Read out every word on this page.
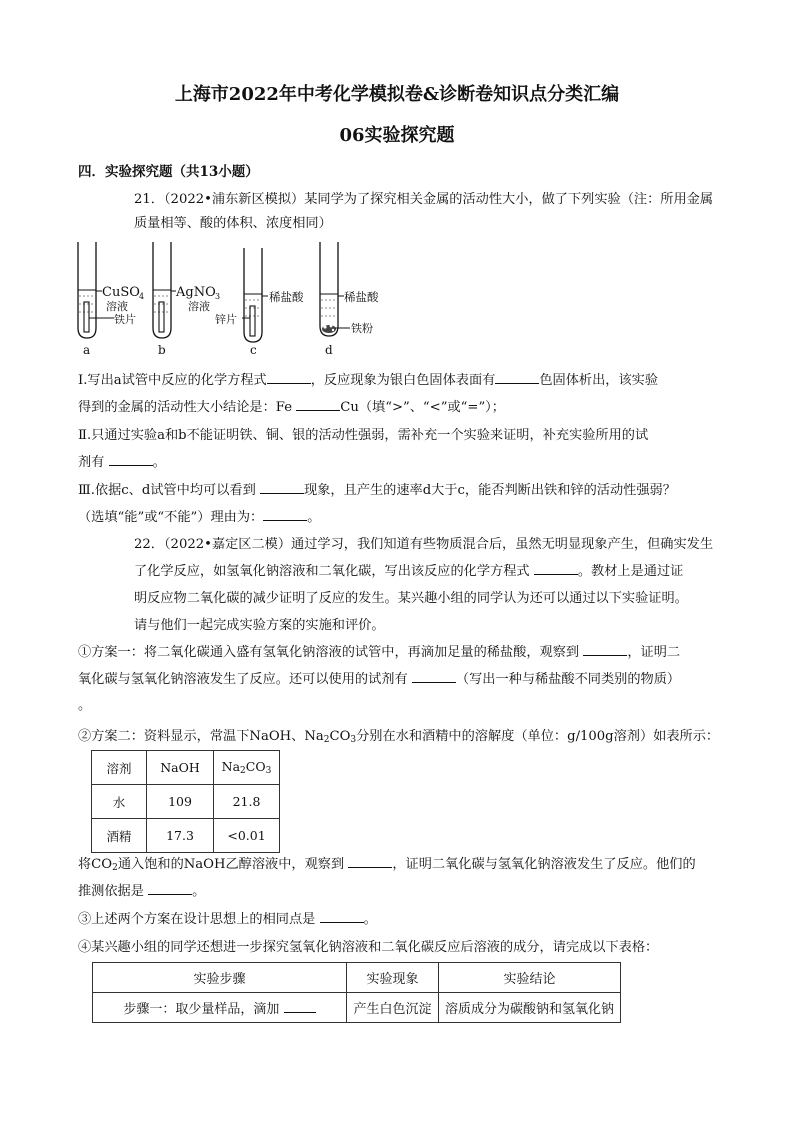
上海市2022年中考化学模拟卷&诊断卷知识点分类汇编
06实验探究题
四．实验探究题（共13小题）
21．（2022•浦东新区模拟）某同学为了探究相关金属的活动性大小，做了下列实验（注：所用金属
质量相等、酸的体积、浓度相同）
CuSO 4
溶液
铁片
a
AgNO 3
溶液
b
稀盐酸
锌片
c
稀盐酸
铁粉
d
Ⅰ.写出a试管中反应的化学方程式	，反应现象为银白色固体表面有	色固体析出，该实验
得到的金属的活动性大小结论是：Fe	Cu（填“>”、“<”或“=”）；
Ⅱ.只通过实验a和b不能证明铁、铜、银的活动性强弱，需补充一个实验来证明，补充实验所用的试
剂有	。
Ⅲ.依据c、d试管中均可以看到	现象，且产生的速率d大于c，能否判断出铁和锌的活动性强弱？
（选填“能”或“不能”）理由为：	。
22．（2022•嘉定区二模）通过学习，我们知道有些物质混合后，虽然无明显现象产生，但确实发生
了化学反应，如氢氧化钠溶液和二氧化碳，写出该反应的化学方程式	。教材上是通过证
明反应物二氧化碳的减少证明了反应的发生。某兴趣小组的同学认为还可以通过以下实验证明。
请与他们一起完成实验方案的实施和评价。
①方案一：将二氧化碳通入盛有氢氧化钠溶液的试管中，再滴加足量的稀盐酸，观察到	，证明二
氧化碳与氢氧化钠溶液发生了反应。还可以使用的试剂有	（写出一种与稀盐酸不同类别的物质）
。
②方案二：资料显示，常温下NaOH、$Na_2CO_3$分别在水和酒精中的溶解度（单位：g/100g溶剂）如表所示：
溶剂	NaOH	$Na_2CO_3$
水	109	21.8
酒精	17.3	<0.01
将$CO_2$通入饱和的NaOH乙醇溶液中，观察到	，证明二氧化碳与氢氧化钠溶液发生了反应。他们的
推测依据是	。
③上述两个方案在设计思想上的相同点是	。
④某兴趣小组的同学还想进一步探究氢氧化钠溶液和二氧化碳反应后溶液的成分，请完成以下表格：
实验步骤	实验现象	实验结论
步骤一：取少量样品，滴加	产生白色沉淀	溶质成分为碳酸钠和氢氧化钠
